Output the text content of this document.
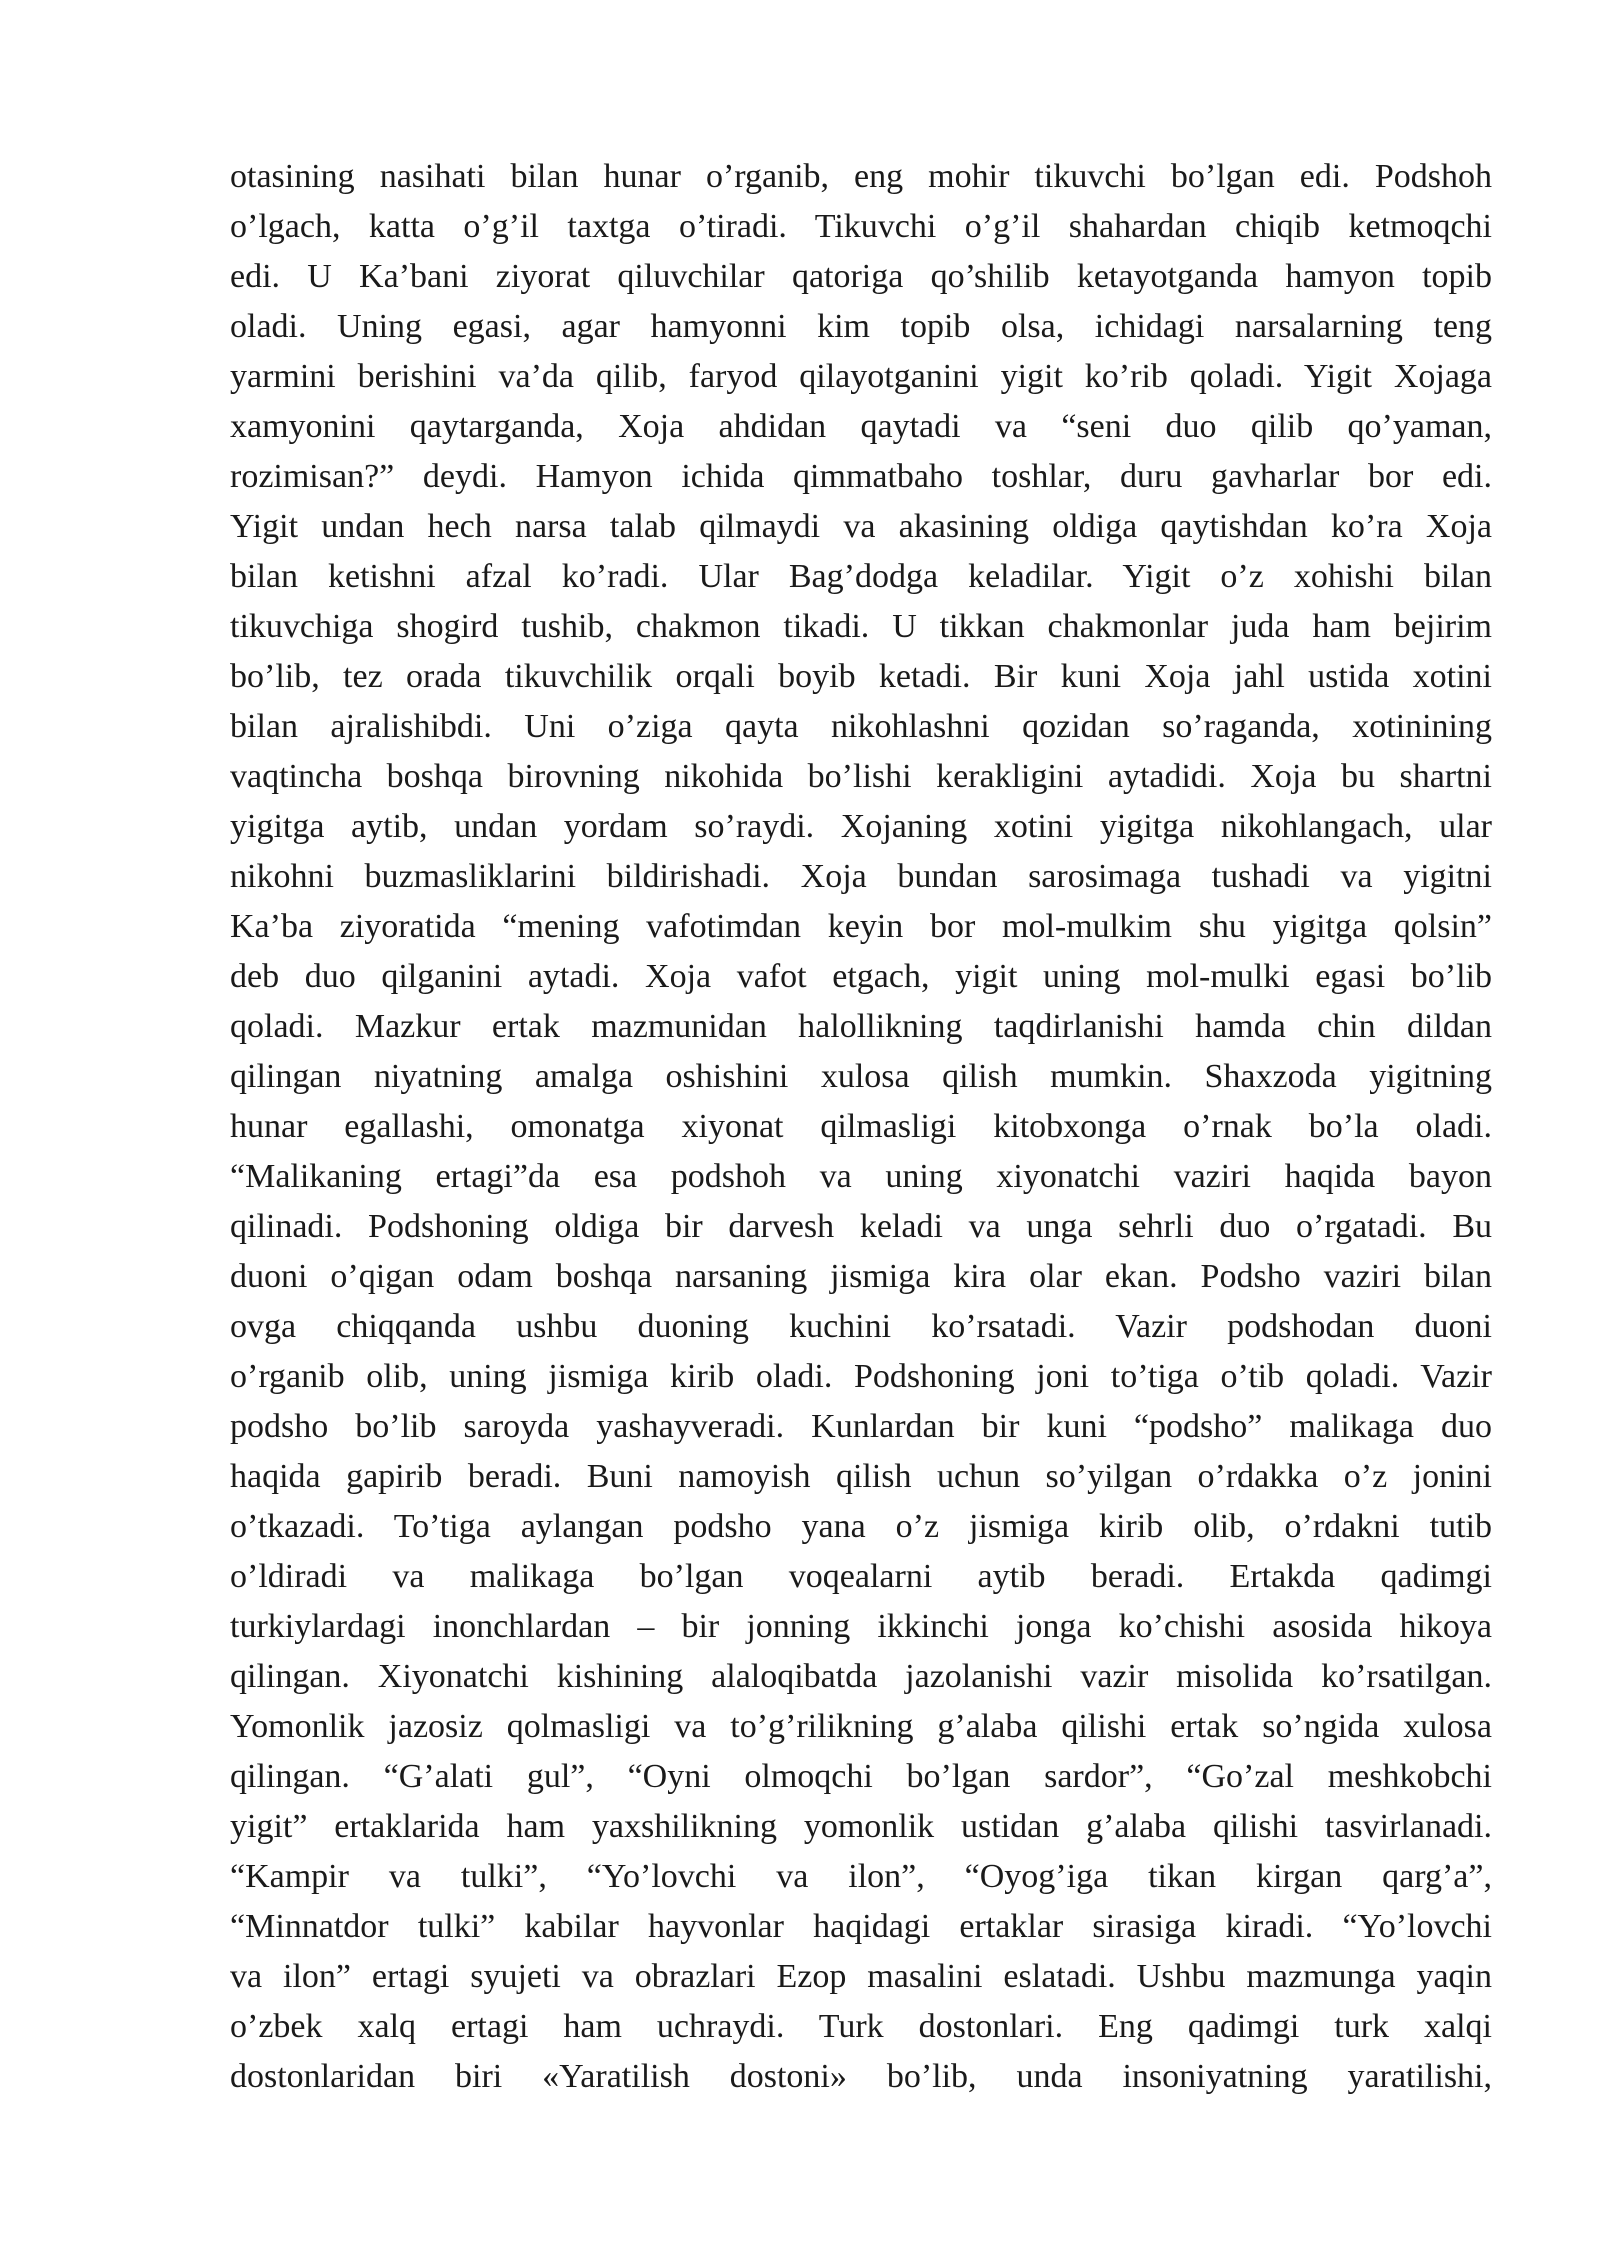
otasining nasihati bilan hunar o’rganib, eng mohir tikuvchi bo’lgan edi. Podshoh
o’lgach, katta o’g’il taxtga o’tiradi. Tikuvchi o’g’il shahardan chiqib ketmoqchi
edi. U Ka’bani ziyorat qiluvchilar qatoriga qo’shilib ketayotganda hamyon topib
oladi. Uning egasi, agar hamyonni kim topib olsa, ichidagi narsalarning teng
yarmini berishini va’da qilib, faryod qilayotganini yigit ko’rib qoladi. Yigit Xojaga
xamyonini qaytarganda, Xoja ahdidan qaytadi va “seni duo qilib qo’yaman,
rozimisan?” deydi. Hamyon ichida qimmatbaho toshlar, duru gavharlar bor edi.
Yigit undan hech narsa talab qilmaydi va akasining oldiga qaytishdan ko’ra Xoja
bilan ketishni afzal ko’radi. Ular Bag’dodga keladilar. Yigit o’z xohishi bilan
tikuvchiga shogird tushib, chakmon tikadi. U tikkan chakmonlar juda ham bejirim
bo’lib, tez orada tikuvchilik orqali boyib ketadi. Bir kuni Xoja jahl ustida xotini
bilan ajralishibdi. Uni o’ziga qayta nikohlashni qozidan so’raganda, xotinining
vaqtincha boshqa birovning nikohida bo’lishi kerakligini aytadidi. Xoja bu shartni
yigitga aytib, undan yordam so’raydi. Xojaning xotini yigitga nikohlangach, ular
nikohni buzmasliklarini bildirishadi. Xoja bundan sarosimaga tushadi va yigitni
Ka’ba ziyoratida “mening vafotimdan keyin bor mol-mulkim shu yigitga qolsin”
deb duo qilganini aytadi. Xoja vafot etgach, yigit uning mol-mulki egasi bo’lib
qoladi. Mazkur ertak mazmunidan halollikning taqdirlanishi hamda chin dildan
qilingan niyatning amalga oshishini xulosa qilish mumkin. Shaxzoda yigitning
hunar egallashi, omonatga xiyonat qilmasligi kitobxonga o’rnak bo’la oladi.
“Malikaning ertagi”da esa podshoh va uning xiyonatchi vaziri haqida bayon
qilinadi. Podshoning oldiga bir darvesh keladi va unga sehrli duo o’rgatadi. Bu
duoni o’qigan odam boshqa narsaning jismiga kira olar ekan. Podsho vaziri bilan
ovga chiqqanda ushbu duoning kuchini ko’rsatadi. Vazir podshodan duoni
o’rganib olib, uning jismiga kirib oladi. Podshoning joni to’tiga o’tib qoladi. Vazir
podsho bo’lib saroyda yashayveradi. Kunlardan bir kuni “podsho” malikaga duo
haqida gapirib beradi. Buni namoyish qilish uchun so’yilgan o’rdakka o’z jonini
o’tkazadi. To’tiga aylangan podsho yana o’z jismiga kirib olib, o’rdakni tutib
o’ldiradi va malikaga bo’lgan voqealarni aytib beradi. Ertakda qadimgi
turkiylardagi inonchlardan – bir jonning ikkinchi jonga ko’chishi asosida hikoya
qilingan. Xiyonatchi kishining alaloqibatda jazolanishi vazir misolida ko’rsatilgan.
Yomonlik jazosiz qolmasligi va to’g’rilikning g’alaba qilishi ertak so’ngida xulosa
qilingan. “G’alati gul”, “Oyni olmoqchi bo’lgan sardor”, “Go’zal meshkobchi
yigit” ertaklarida ham yaxshilikning yomonlik ustidan g’alaba qilishi tasvirlanadi.
“Kampir va tulki”, “Yo’lovchi va ilon”, “Oyog’iga tikan kirgan qarg’a”,
“Minnatdor tulki” kabilar hayvonlar haqidagi ertaklar sirasiga kiradi. “Yo’lovchi
va ilon” ertagi syujeti va obrazlari Ezop masalini eslatadi. Ushbu mazmunga yaqin
o’zbek xalq ertagi ham uchraydi. Turk dostonlari. Eng qadimgi turk xalqi
dostonlaridan biri «Yaratilish dostoni» bo’lib, unda insoniyatning yaratilishi,
